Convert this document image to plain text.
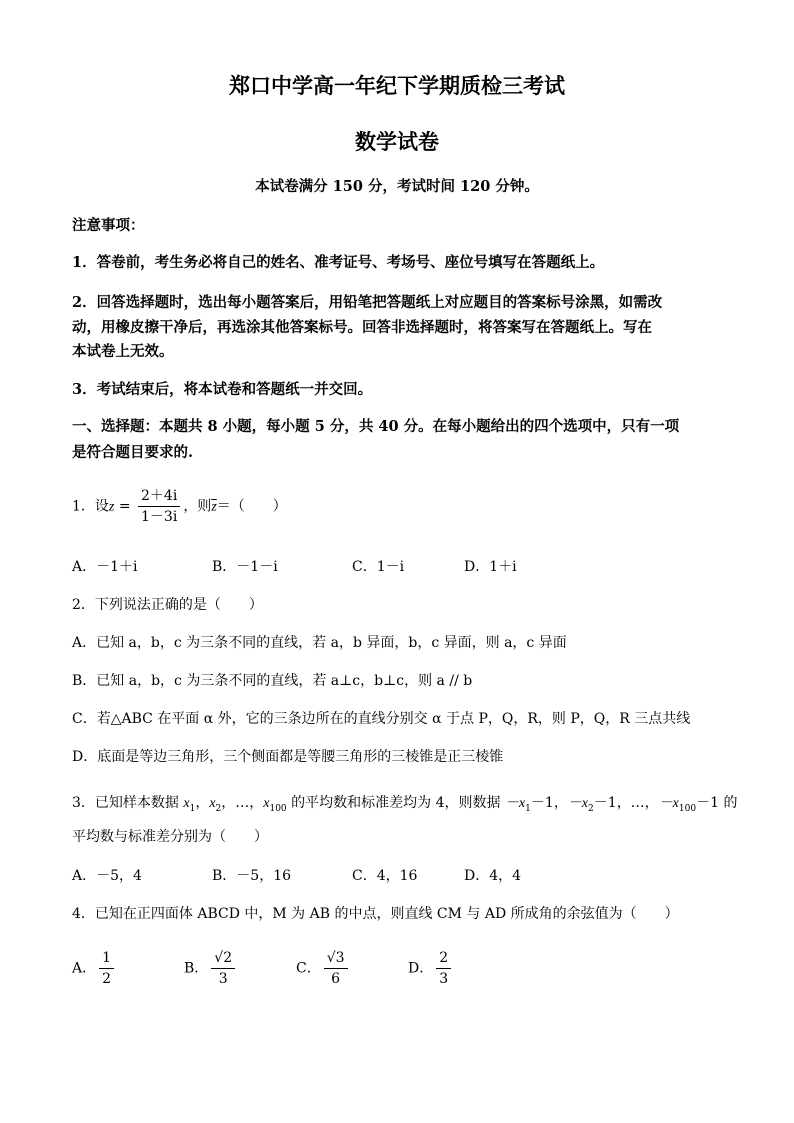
郑口中学高一年纪下学期质检三考试
数学试卷
本试卷满分 150 分，考试时间 120 分钟。
注意事项：
1．答卷前，考生务必将自己的姓名、准考证号、考场号、座位号填写在答题纸上。
2．回答选择题时，选出每小题答案后，用铅笔把答题纸上对应题目的答案标号涂黑，如需改
动，用橡皮擦干净后，再选涂其他答案标号。回答非选择题时，将答案写在答题纸上。写在
本试卷上无效。
3．考试结束后，将本试卷和答题纸一并交回。
一、选择题：本题共 8 小题，每小题 5 分，共 40 分。在每小题给出的四个选项中，只有一项
是符合题目要求的.
1．设$z = \frac{2+4i}{1-3i}$ ，则$\overline{z}=$（　　）
A．－1＋i	B．－1－i	C．1－i	D．1＋i
2．下列说法正确的是（　　）
A．已知 a，b，c 为三条不同的直线，若 a，b 异面，b，c 异面，则 a，c 异面
B．已知 a，b，c 为三条不同的直线，若 a⊥c，b⊥c，则 a // b
C．若△ABC 在平面 α 外，它的三条边所在的直线分别交 α 于点 P，Q，R，则 P，Q，R 三点共线
D．底面是等边三角形，三个侧面都是等腰三角形的三棱锥是正三棱锥
3．已知样本数据 $x_1$，$x_2$，…，$x_{100}$ 的平均数和标准差均为 4，则数据 $-x_1-1$，$-x_2-1$，…，$-x_{100}-1$ 的
平均数与标准差分别为（　　）
A．－5，4	B．－5，16	C．4，16	D．4，4
4．已知在正四面体 ABCD 中，M 为 AB 的中点，则直线 CM 与 AD 所成角的余弦值为（　　）
A． $\frac{1}{2}$	B． $\frac{√2}{3}$	C． $\frac{√3}{6}$	D． $\frac{2}{3}$
